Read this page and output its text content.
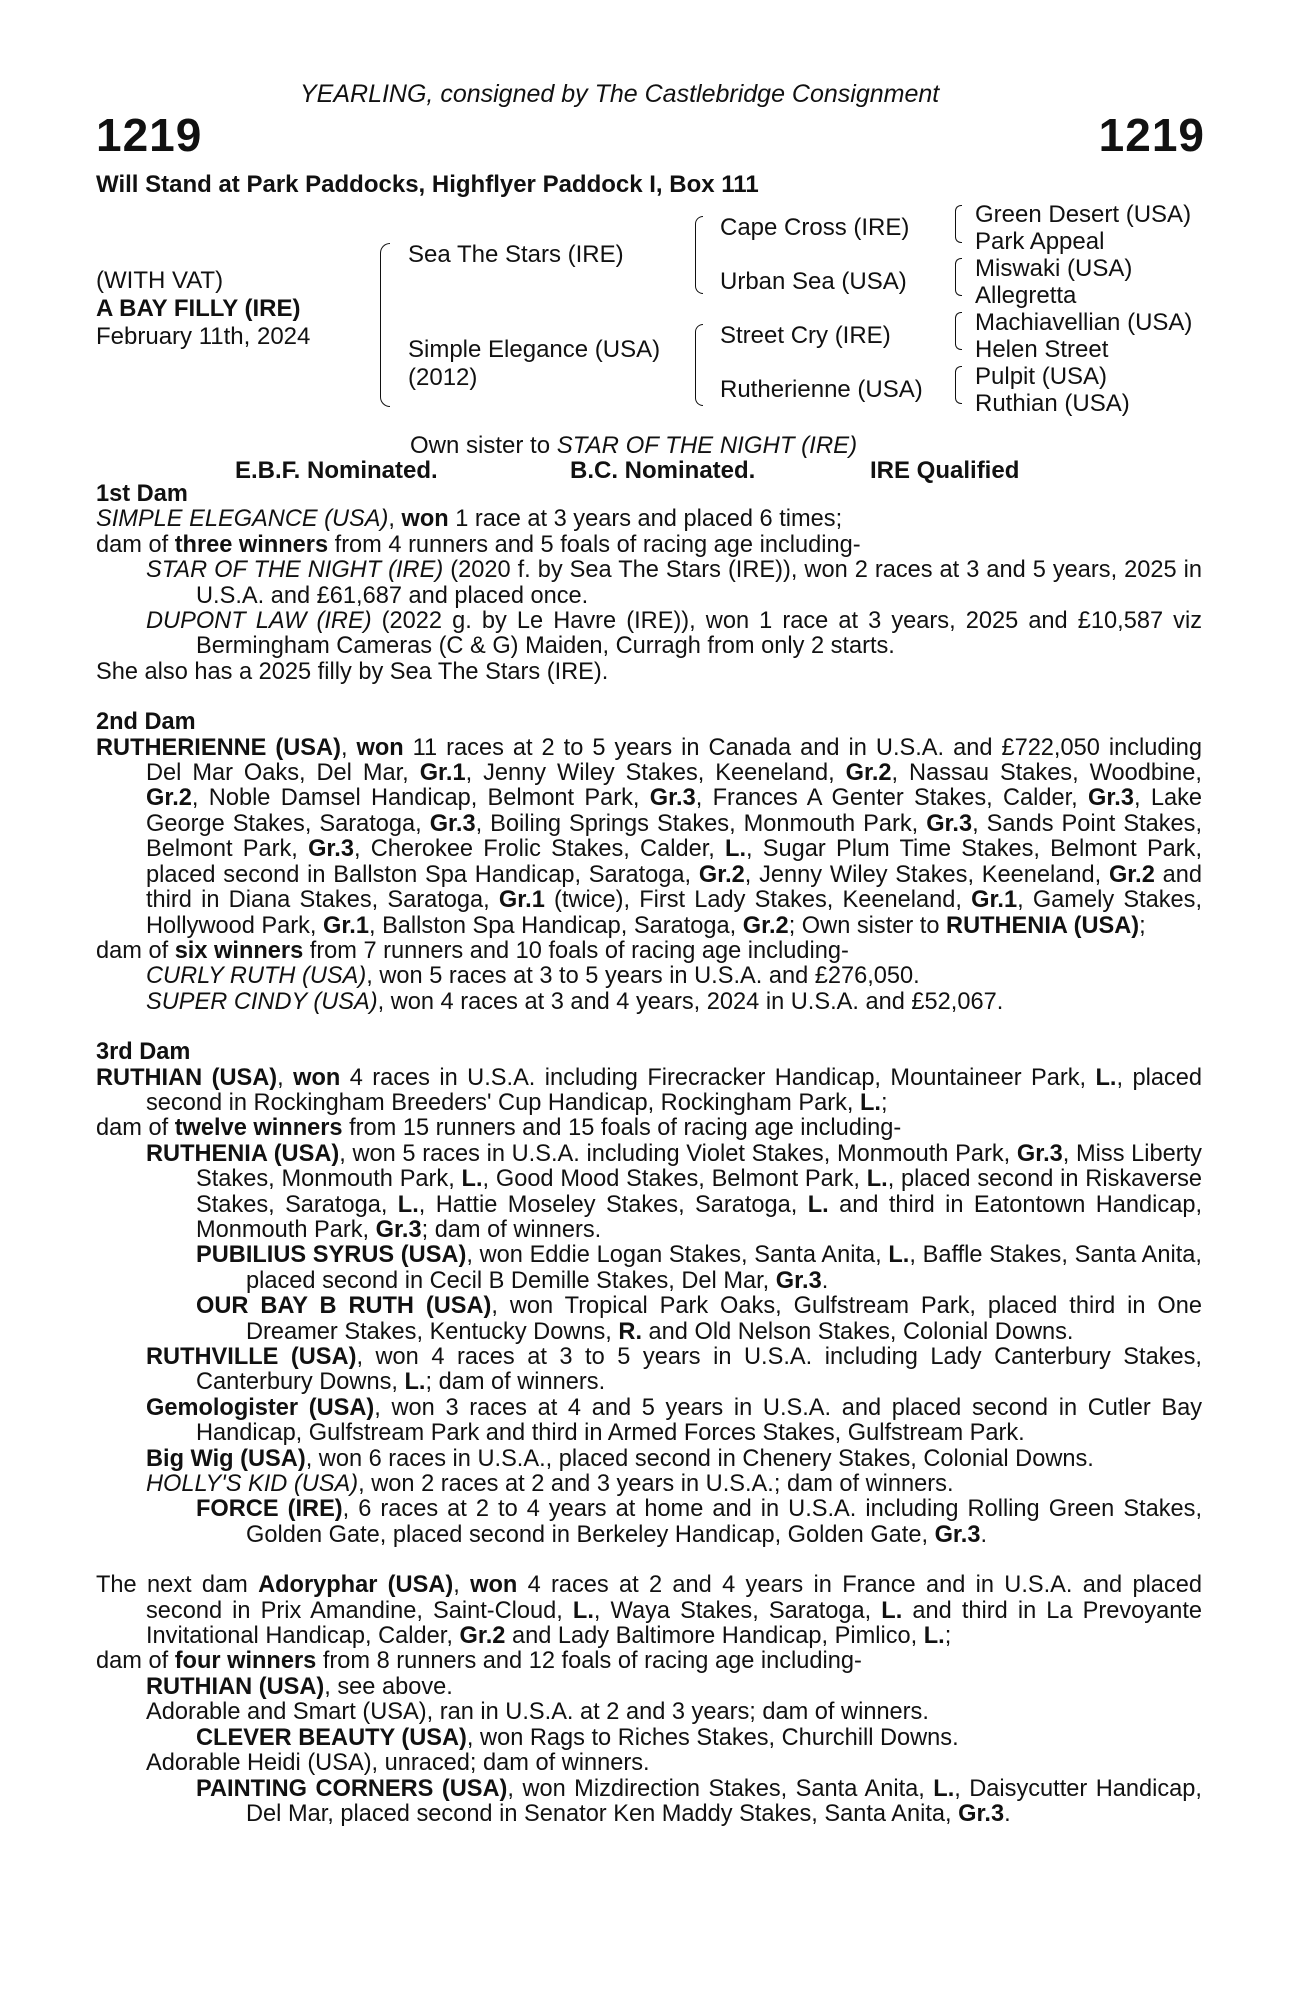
YEARLING, consigned by The Castlebridge Consignment
1219	1219
Will Stand at Park Paddocks, Highflyer Paddock I, Box 111
(WITH VAT)
A BAY FILLY (IRE)
February 11th, 2024
Sea The Stars (IRE)
Simple Elegance (USA)
(2012)
Cape Cross (IRE)
Urban Sea (USA)
Street Cry (IRE)
Rutherienne (USA)
Green Desert (USA)
Park Appeal
Miswaki (USA)
Allegretta
Machiavellian (USA)
Helen Street
Pulpit (USA)
Ruthian (USA)
Own sister to STAR OF THE NIGHT (IRE)
E.B.F. Nominated.	B.C. Nominated.	IRE Qualified

1st Dam

SIMPLE ELEGANCE (USA), won 1 race at 3 years and placed 6 times;

dam of three winners from 4 runners and 5 foals of racing age including-

STAR OF THE NIGHT (IRE) (2020 f. by Sea The Stars (IRE)), won 2 races at 3 and 5 years, 2025 in U.S.A. and £61,687 and placed once.

DUPONT LAW (IRE) (2022 g. by Le Havre (IRE)), won 1 race at 3 years, 2025 and £10,587 viz Bermingham Cameras (C & G) Maiden, Curragh from only 2 starts.

She also has a 2025 filly by Sea The Stars (IRE).

2nd Dam

RUTHERIENNE (USA), won 11 races at 2 to 5 years in Canada and in U.S.A. and £722,050 including Del Mar Oaks, Del Mar, Gr.1, Jenny Wiley Stakes, Keeneland, Gr.2, Nassau Stakes, Woodbine, Gr.2, Noble Damsel Handicap, Belmont Park, Gr.3, Frances A Genter Stakes, Calder, Gr.3, Lake George Stakes, Saratoga, Gr.3, Boiling Springs Stakes, Monmouth Park, Gr.3, Sands Point Stakes, Belmont Park, Gr.3, Cherokee Frolic Stakes, Calder, L., Sugar Plum Time Stakes, Belmont Park, placed second in Ballston Spa Handicap, Saratoga, Gr.2, Jenny Wiley Stakes, Keeneland, Gr.2 and third in Diana Stakes, Saratoga, Gr.1 (twice), First Lady Stakes, Keeneland, Gr.1, Gamely Stakes, Hollywood Park, Gr.1, Ballston Spa Handicap, Saratoga, Gr.2; Own sister to RUTHENIA (USA);

dam of six winners from 7 runners and 10 foals of racing age including-

CURLY RUTH (USA), won 5 races at 3 to 5 years in U.S.A. and £276,050.

SUPER CINDY (USA), won 4 races at 3 and 4 years, 2024 in U.S.A. and £52,067.

3rd Dam

RUTHIAN (USA), won 4 races in U.S.A. including Firecracker Handicap, Mountaineer Park, L., placed second in Rockingham Breeders' Cup Handicap, Rockingham Park, L.;

dam of twelve winners from 15 runners and 15 foals of racing age including-

RUTHENIA (USA), won 5 races in U.S.A. including Violet Stakes, Monmouth Park, Gr.3, Miss Liberty Stakes, Monmouth Park, L., Good Mood Stakes, Belmont Park, L., placed second in Riskaverse Stakes, Saratoga, L., Hattie Moseley Stakes, Saratoga, L. and third in Eatontown Handicap, Monmouth Park, Gr.3; dam of winners.

PUBILIUS SYRUS (USA), won Eddie Logan Stakes, Santa Anita, L., Baffle Stakes, Santa Anita, placed second in Cecil B Demille Stakes, Del Mar, Gr.3.

OUR BAY B RUTH (USA), won Tropical Park Oaks, Gulfstream Park, placed third in One Dreamer Stakes, Kentucky Downs, R. and Old Nelson Stakes, Colonial Downs.

RUTHVILLE (USA), won 4 races at 3 to 5 years in U.S.A. including Lady Canterbury Stakes, Canterbury Downs, L.; dam of winners.

Gemologister (USA), won 3 races at 4 and 5 years in U.S.A. and placed second in Cutler Bay Handicap, Gulfstream Park and third in Armed Forces Stakes, Gulfstream Park.

Big Wig (USA), won 6 races in U.S.A., placed second in Chenery Stakes, Colonial Downs.

HOLLY'S KID (USA), won 2 races at 2 and 3 years in U.S.A.; dam of winners.

FORCE (IRE), 6 races at 2 to 4 years at home and in U.S.A. including Rolling Green Stakes, Golden Gate, placed second in Berkeley Handicap, Golden Gate, Gr.3.

The next dam Adoryphar (USA), won 4 races at 2 and 4 years in France and in U.S.A. and placed second in Prix Amandine, Saint-Cloud, L., Waya Stakes, Saratoga, L. and third in La Prevoyante Invitational Handicap, Calder, Gr.2 and Lady Baltimore Handicap, Pimlico, L.;

dam of four winners from 8 runners and 12 foals of racing age including-

RUTHIAN (USA), see above.

Adorable and Smart (USA), ran in U.S.A. at 2 and 3 years; dam of winners.

CLEVER BEAUTY (USA), won Rags to Riches Stakes, Churchill Downs.

Adorable Heidi (USA), unraced; dam of winners.

PAINTING CORNERS (USA), won Mizdirection Stakes, Santa Anita, L., Daisycutter Handicap, Del Mar, placed second in Senator Ken Maddy Stakes, Santa Anita, Gr.3.
